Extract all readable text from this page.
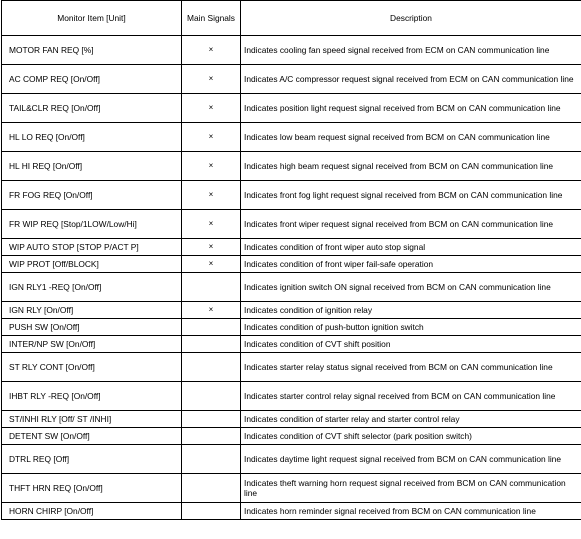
Monitor Item [Unit]	Main Signals	Description
MOTOR FAN REQ [%]	×	Indicates cooling fan speed signal received from ECM on CAN communication line
AC COMP REQ [On/Off]	×	Indicates A/C compressor request signal received from ECM on CAN communication line
TAIL&CLR REQ [On/Off]	×	Indicates position light request signal received from BCM on CAN communication line
HL LO REQ [On/Off]	×	Indicates low beam request signal received from BCM on CAN communication line
HL HI REQ [On/Off]	×	Indicates high beam request signal received from BCM on CAN communication line
FR FOG REQ [On/Off]	×	Indicates front fog light request signal received from BCM on CAN communication line
FR WIP REQ [Stop/1LOW/Low/Hi]	×	Indicates front wiper request signal received from BCM on CAN communication line
WIP AUTO STOP [STOP P/ACT P]	×	Indicates condition of front wiper auto stop signal
WIP PROT [Off/BLOCK]	×	Indicates condition of front wiper fail-safe operation
IGN RLY1 -REQ [On/Off]		Indicates ignition switch ON signal received from BCM on CAN communication line
IGN RLY [On/Off]	×	Indicates condition of ignition relay
PUSH SW [On/Off]		Indicates condition of push-button ignition switch
INTER/NP SW [On/Off]		Indicates condition of CVT shift position
ST RLY CONT [On/Off]		Indicates starter relay status signal received from BCM on CAN communication line
IHBT RLY -REQ [On/Off]		Indicates starter control relay signal received from BCM on CAN communication line
ST/INHI RLY [Off/ ST /INHI]		Indicates condition of starter relay and starter control relay
DETENT SW [On/Off]		Indicates condition of CVT shift selector (park position switch)
DTRL REQ [Off]		Indicates daytime light request signal received from BCM on CAN communication line
THFT HRN REQ [On/Off]		Indicates theft warning horn request signal received from BCM on CAN communication line
HORN CHIRP [On/Off]		Indicates horn reminder signal received from BCM on CAN communication line
